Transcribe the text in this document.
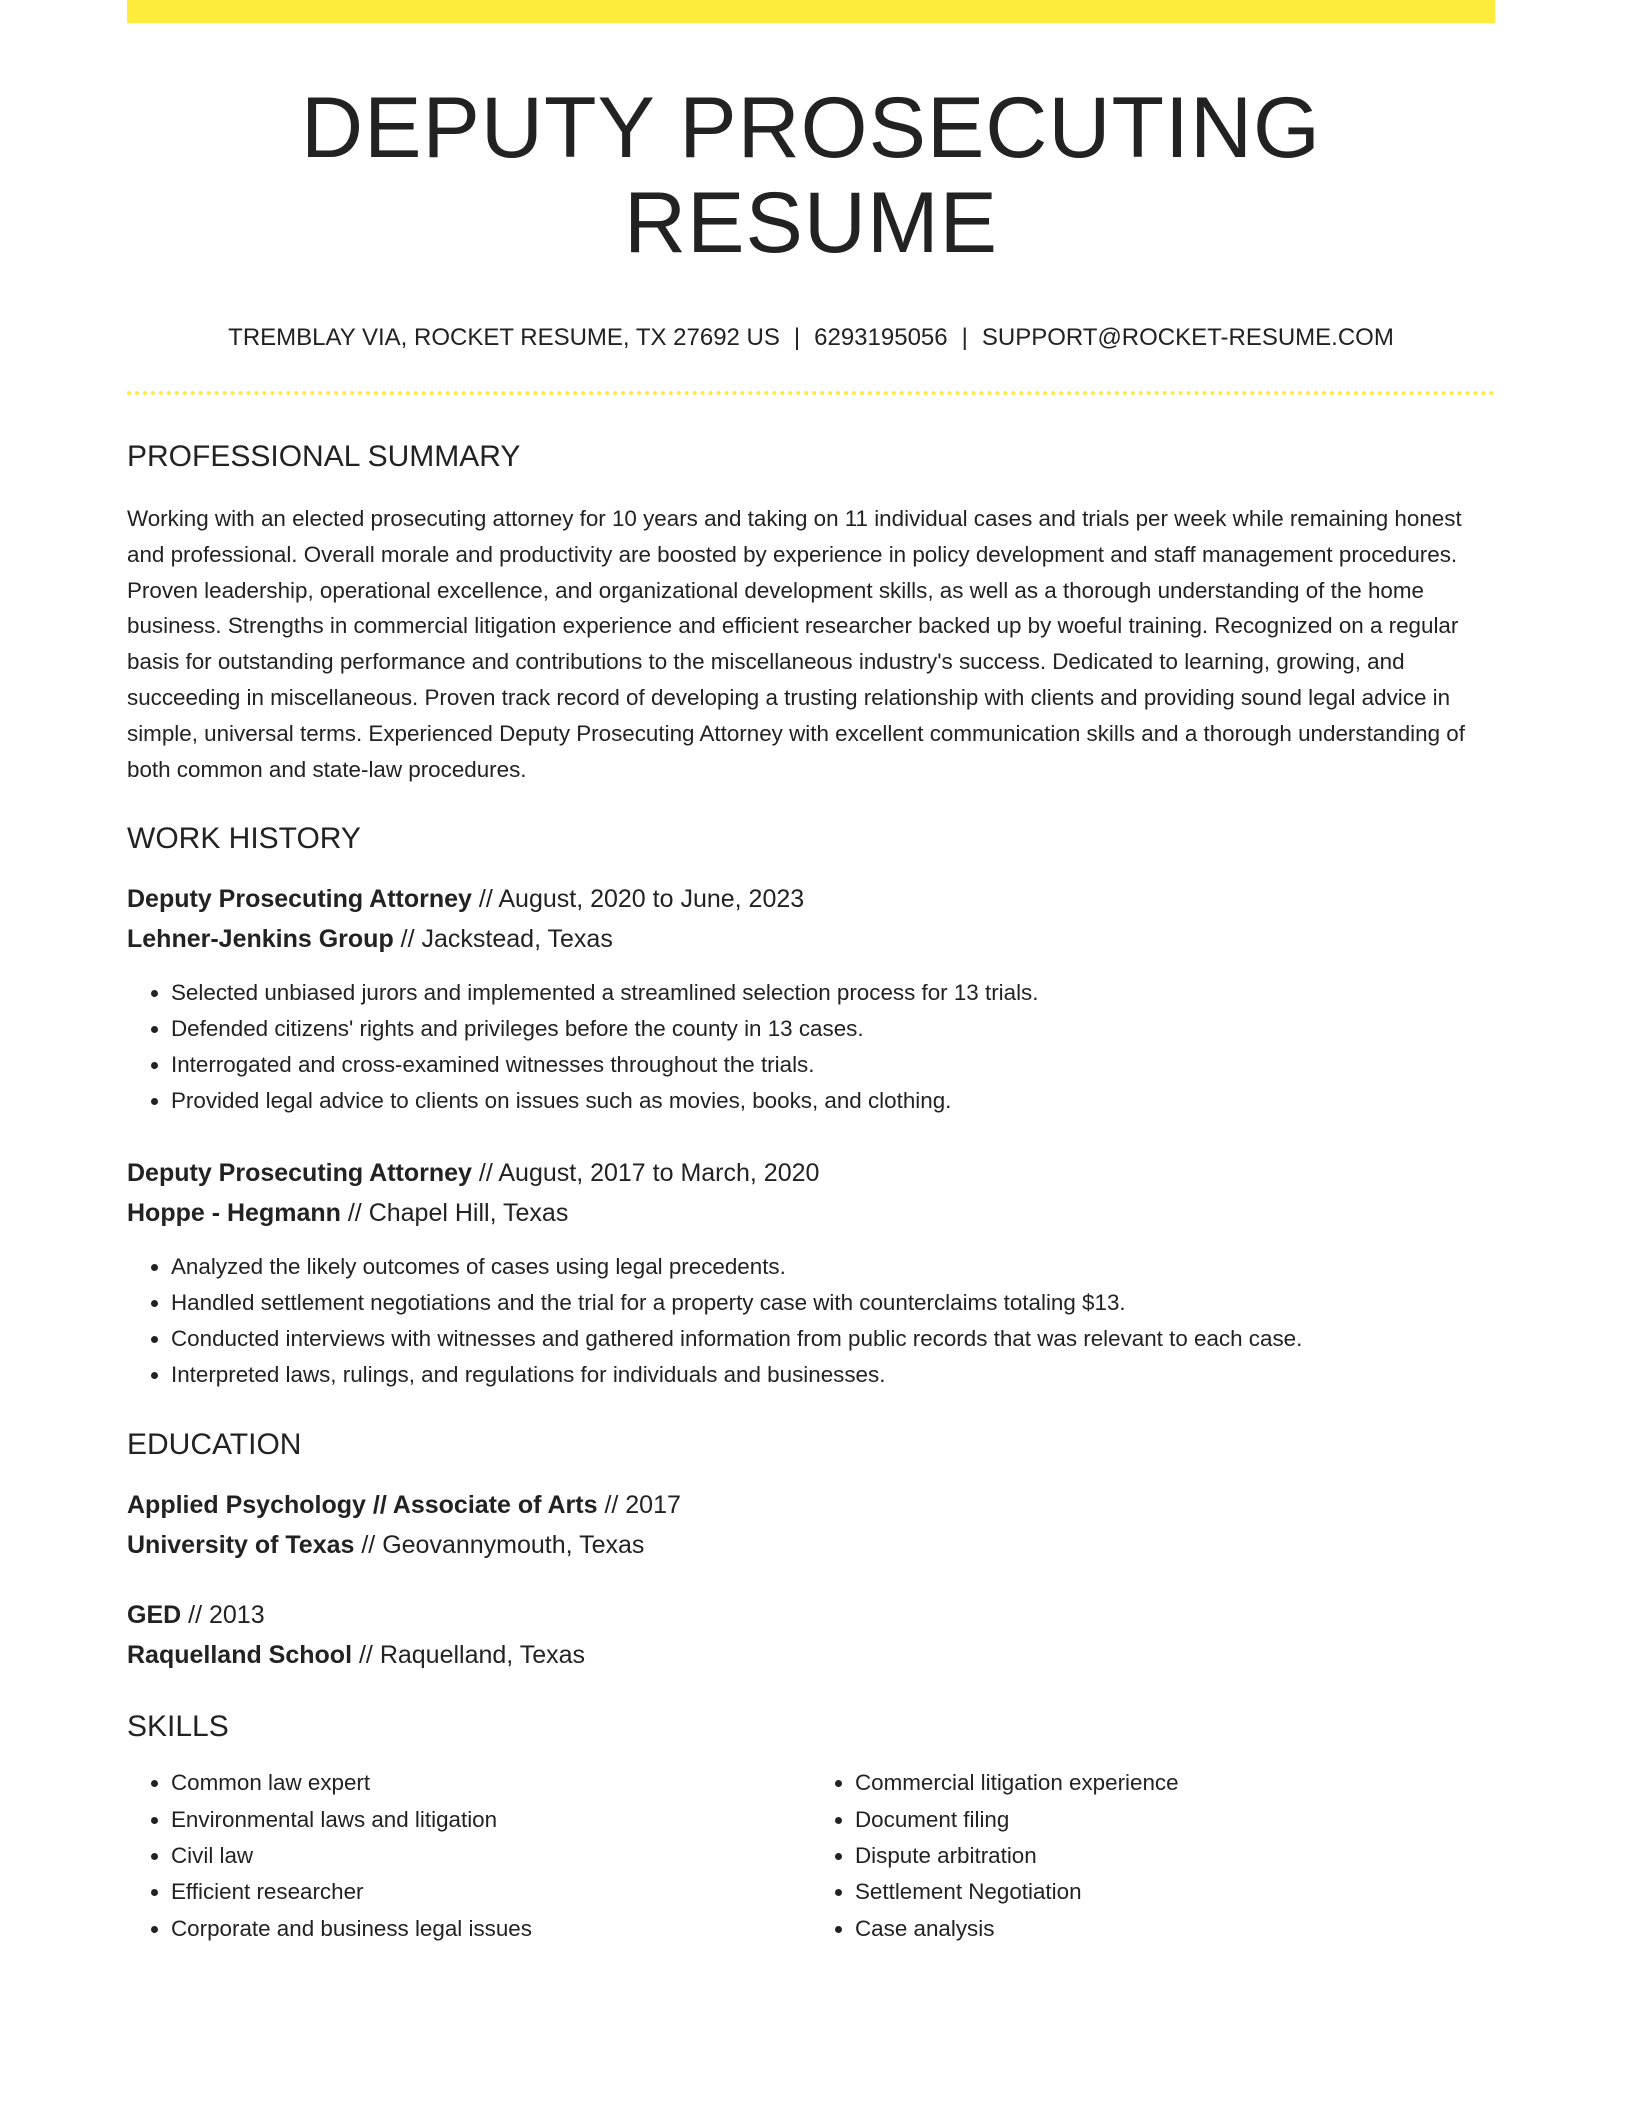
DEPUTY PROSECUTING RESUME
TREMBLAY VIA, ROCKET RESUME, TX 27692 US | 6293195056 | SUPPORT@ROCKET-RESUME.COM
PROFESSIONAL SUMMARY

Working with an elected prosecuting attorney for 10 years and taking on 11 individual cases and trials per week while remaining honest and professional. Overall morale and productivity are boosted by experience in policy development and staff management procedures. Proven leadership, operational excellence, and organizational development skills, as well as a thorough understanding of the home business. Strengths in commercial litigation experience and efficient researcher backed up by woeful training. Recognized on a regular basis for outstanding performance and contributions to the miscellaneous industry's success. Dedicated to learning, growing, and succeeding in miscellaneous. Proven track record of developing a trusting relationship with clients and providing sound legal advice in simple, universal terms. Experienced Deputy Prosecuting Attorney with excellent communication skills and a thorough understanding of both common and state-law procedures.

WORK HISTORY
Deputy Prosecuting Attorney // August, 2020 to June, 2023
Lehner-Jenkins Group // Jackstead, Texas
• Selected unbiased jurors and implemented a streamlined selection process for 13 trials.
• Defended citizens' rights and privileges before the county in 13 cases.
• Interrogated and cross-examined witnesses throughout the trials.
• Provided legal advice to clients on issues such as movies, books, and clothing.
Deputy Prosecuting Attorney // August, 2017 to March, 2020
Hoppe - Hegmann // Chapel Hill, Texas
• Analyzed the likely outcomes of cases using legal precedents.
• Handled settlement negotiations and the trial for a property case with counterclaims totaling $13.
• Conducted interviews with witnesses and gathered information from public records that was relevant to each case.
• Interpreted laws, rulings, and regulations for individuals and businesses.
EDUCATION
Applied Psychology // Associate of Arts // 2017
University of Texas // Geovannymouth, Texas
GED // 2013
Raquelland School // Raquelland, Texas
SKILLS
• Common law expert
• Environmental laws and litigation
• Civil law
• Efficient researcher
• Corporate and business legal issues
• Commercial litigation experience
• Document filing
• Dispute arbitration
• Settlement Negotiation
• Case analysis
